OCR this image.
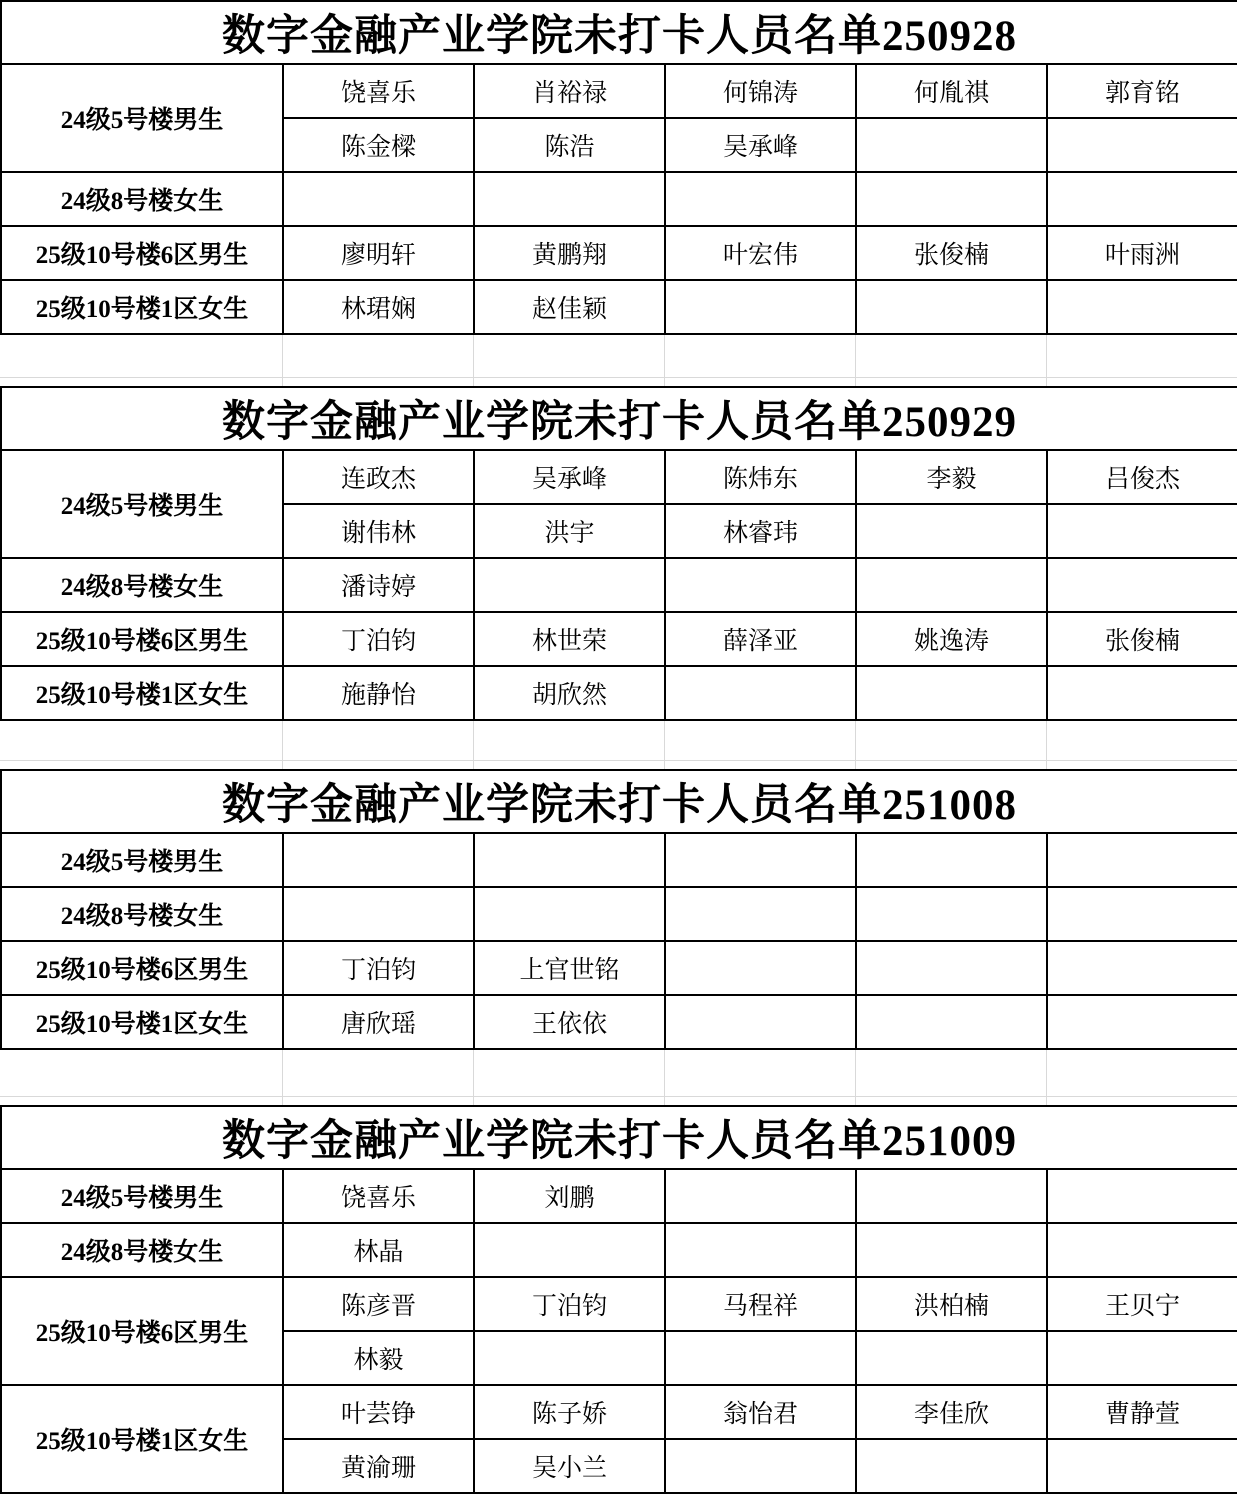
数字金融产业学院未打卡人员名单250928					
24级5号楼男生	饶喜乐	肖裕禄	何锦涛	何胤祺	郭育铭
	陈金樑	陈浩	吴承峰		
24级8号楼女生					
25级10号楼6区男生	廖明轩	黄鹏翔	叶宏伟	张俊楠	叶雨洲
25级10号楼1区女生	林珺娴	赵佳颖			
数字金融产业学院未打卡人员名单250929					
24级5号楼男生	连政杰	吴承峰	陈炜东	李毅	吕俊杰
	谢伟林	洪宇	林睿玮		
24级8号楼女生	潘诗婷				
25级10号楼6区男生	丁泊钧	林世荣	薛泽亚	姚逸涛	张俊楠
25级10号楼1区女生	施静怡	胡欣然			
数字金融产业学院未打卡人员名单251008					
24级5号楼男生					
24级8号楼女生					
25级10号楼6区男生	丁泊钧	上官世铭			
25级10号楼1区女生	唐欣瑶	王依依			
数字金融产业学院未打卡人员名单251009					
24级5号楼男生	饶喜乐	刘鹏			
24级8号楼女生	林晶				
25级10号楼6区男生	陈彦晋	丁泊钧	马程祥	洪柏楠	王贝宁
	林毅				
25级10号楼1区女生	叶芸铮	陈子娇	翁怡君	李佳欣	曹静萱
	黄渝珊	吴小兰			
